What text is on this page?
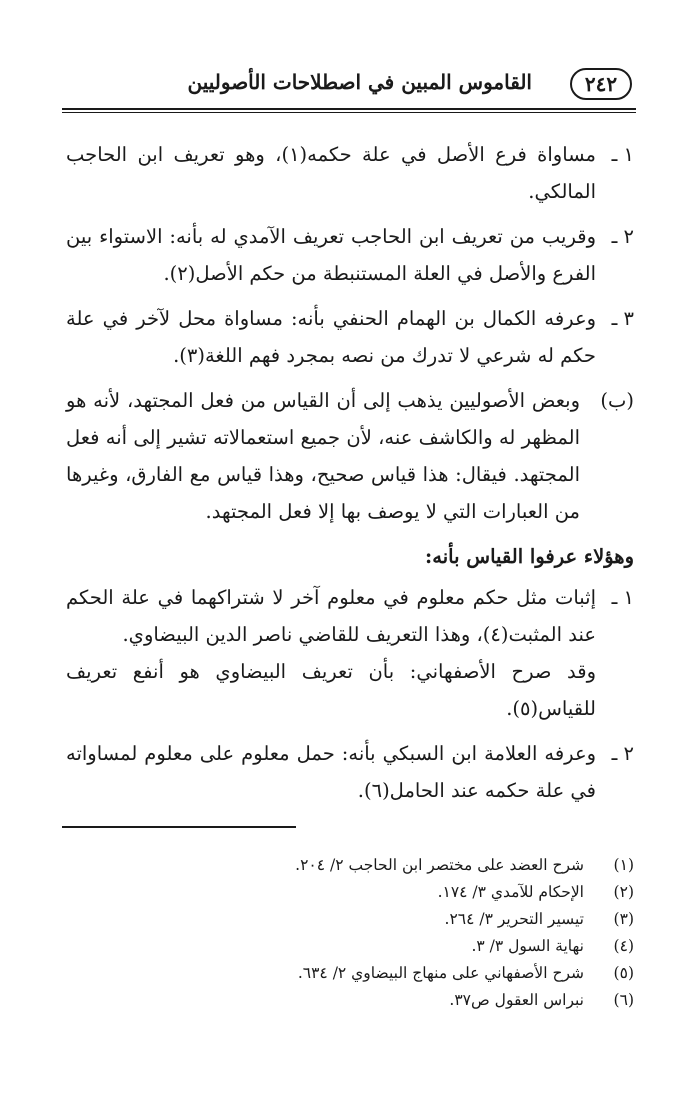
٢٤٢
القاموس المبين في اصطلاحات الأصوليين
١ ـ
مساواة فرع الأصل في علة حكمه(١)، وهو تعريف ابن الحاجب المالكي.
٢ ـ
وقريب من تعريف ابن الحاجب تعريف الآمدي له بأنه: الاستواء بين الفرع والأصل في العلة المستنبطة من حكم الأصل(٢).
٣ ـ
وعرفه الكمال بن الهمام الحنفي بأنه: مساواة محل لآخر في علة حكم له شرعي لا تدرك من نصه بمجرد فهم اللغة(٣).
(ب)
وبعض الأصوليين يذهب إلى أن القياس من فعل المجتهد، لأنه هو المظهر له والكاشف عنه، لأن جميع استعمالاته تشير إلى أنه فعل المجتهد. فيقال: هذا قياس صحيح، وهذا قياس مع الفارق، وغيرها من العبارات التي لا يوصف بها إلا فعل المجتهد.
وهؤلاء عرفوا القياس بأنه:
١ ـ
إثبات مثل حكم معلوم في معلوم آخر لا شتراكهما في علة الحكم عند المثبت(٤)، وهذا التعريف للقاضي ناصر الدين البيضاوي.
وقد صرح الأصفهاني: بأن تعريف البيضاوي هو أنفع تعريف للقياس(٥).
٢ ـ
وعرفه العلامة ابن السبكي بأنه: حمل معلوم على معلوم لمساواته في علة حكمه عند الحامل(٦).
(١)شرح العضد على مختصر ابن الحاجب ٢/ ٢٠٤.
(٢)الإحكام للآمدي ٣/ ١٧٤.
(٣)تيسير التحرير ٣/ ٢٦٤.
(٤)نهاية السول ٣/ ٣.
(٥)شرح الأصفهاني على منهاج البيضاوي ٢/ ٦٣٤.
(٦)نبراس العقول ص٣٧.
